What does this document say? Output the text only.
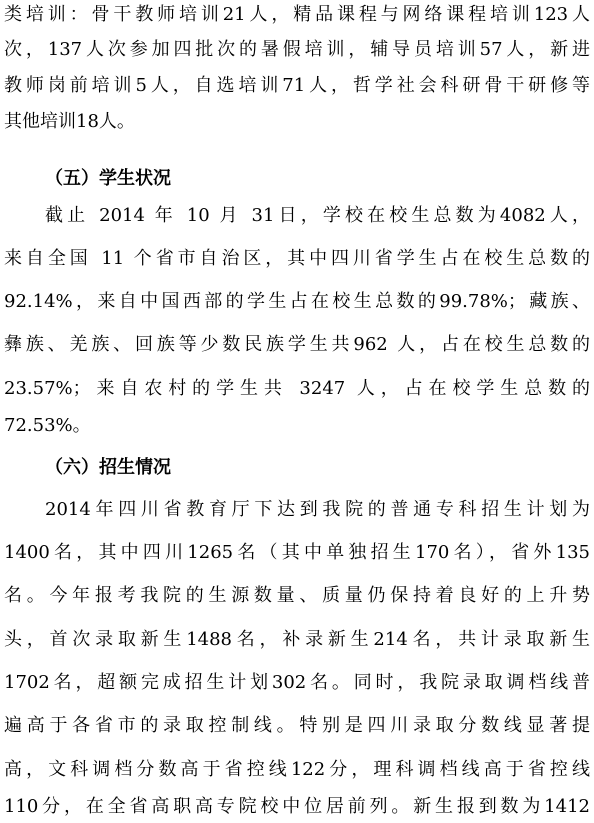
类培训：骨干教师培训21人，精品课程与网络课程培训123人
次，137人次参加四批次的暑假培训，辅导员培训57人，新进
教师岗前培训5人，自选培训71人，哲学社会科研骨干研修等
其他培训18人。
（五）学生状况
截止 2014 年 10 月 31日，学校在校生总数为4082人，
来自全国 11 个省市自治区，其中四川省学生占在校生总数的
92.14%，来自中国西部的学生占在校生总数的99.78%；藏族、
彝族、羌族、回族等少数民族学生共962 人，占在校生总数的
23.57%；来自农村的学生共 3247 人，占在校学生总数的
72.53%。
（六）招生情况
2014年四川省教育厅下达到我院的普通专科招生计划为
1400名，其中四川1265名（其中单独招生170名），省外135
名。今年报考我院的生源数量、质量仍保持着良好的上升势
头，首次录取新生1488名，补录新生214名，共计录取新生
1702名，超额完成招生计划302名。同时，我院录取调档线普
遍高于各省市的录取控制线。特别是四川录取分数线显著提
高，文科调档分数高于省控线122分，理科调档线高于省控线
110分，在全省高职高专院校中位居前列。新生报到数为1412
